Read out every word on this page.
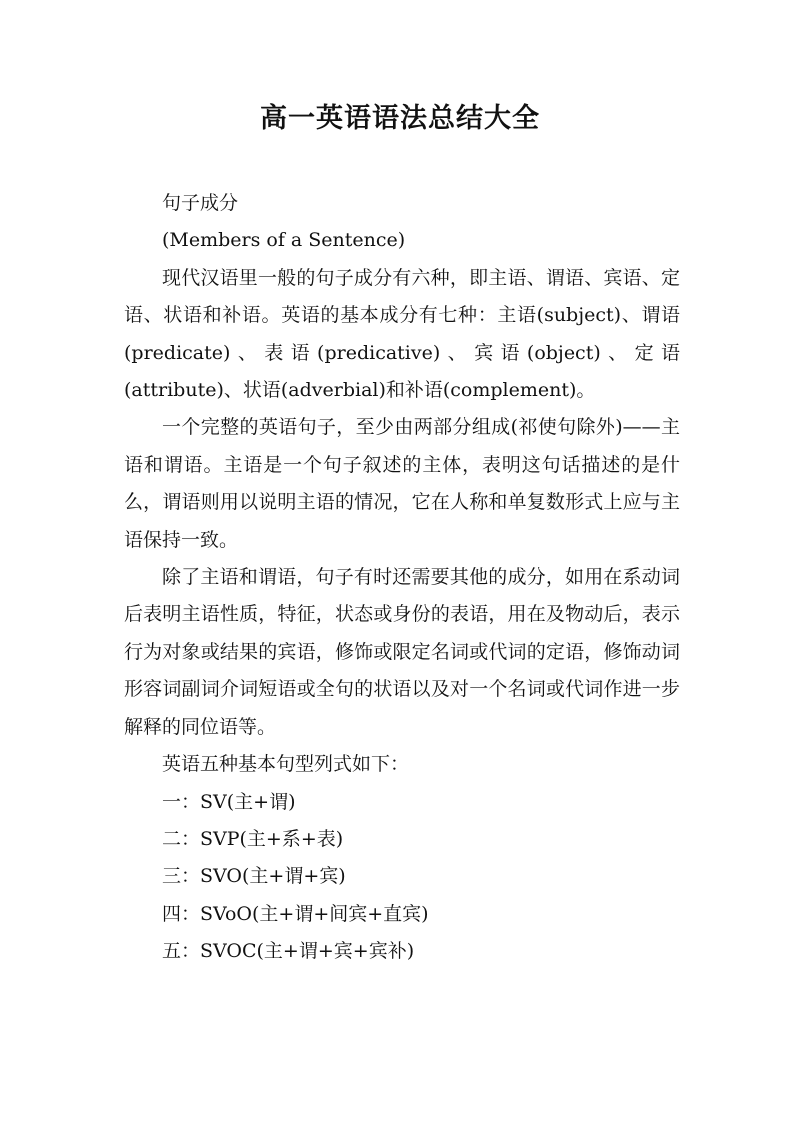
高一英语语法总结大全

句子成分

(Members of a Sentence)

现代汉语里一般的句子成分有六种，即主语、谓语、宾语、定语、状语和补语。英语的基本成分有七种：主语(subject)、谓语(predicate)、表语(predicative)、宾语(object)、定语(attribute)、状语(adverbial)和补语(complement)。

一个完整的英语句子，至少由两部分组成(祁使句除外)——主语和谓语。主语是一个句子叙述的主体，表明这句话描述的是什么，谓语则用以说明主语的情况，它在人称和单复数形式上应与主语保持一致。

除了主语和谓语，句子有时还需要其他的成分，如用在系动词后表明主语性质，特征，状态或身份的表语，用在及物动后，表示行为对象或结果的宾语，修饰或限定名词或代词的定语，修饰动词形容词副词介词短语或全句的状语以及对一个名词或代词作进一步解释的同位语等。

英语五种基本句型列式如下：

一：SV(主+谓)

二：SVP(主+系+表)

三：SVO(主+谓+宾)

四：SVoO(主+谓+间宾+直宾)

五：SVOC(主+谓+宾+宾补)
